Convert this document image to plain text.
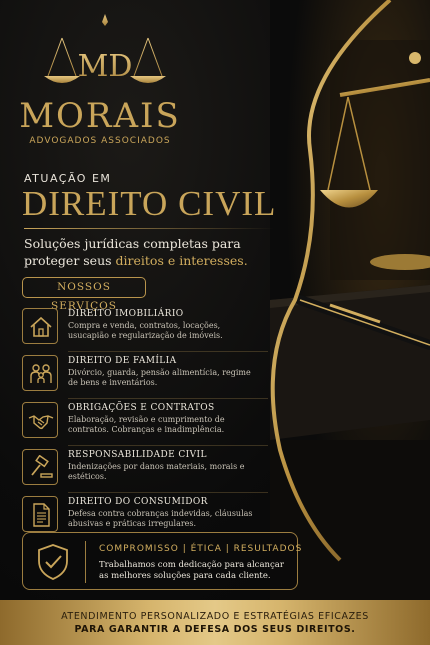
MD
MORAIS
ADVOGADOS ASSOCIADOS
ATUAÇÃO EM
DIREITO CIVIL
Soluções jurídicas completas para proteger seus direitos e interesses.
NOSSOS SERVIÇOS
DIREITO IMOBILIÁRIO
Compra e venda, contratos, locações, usucapião e regularização de imóveis.
DIREITO DE FAMÍLIA
Divórcio, guarda, pensão alimentícia, regime de bens e inventários.
OBRIGAÇÕES E CONTRATOS
Elaboração, revisão e cumprimento de contratos. Cobranças e inadimplência.
RESPONSABILIDADE CIVIL
Indenizações por danos materiais, morais e estéticos.
DIREITO DO CONSUMIDOR
Defesa contra cobranças indevidas, cláusulas abusivas e práticas irregulares.
COMPROMISSO | ÉTICA | RESULTADOS
Trabalhamos com dedicação para alcançar as melhores soluções para cada cliente.
ATENDIMENTO PERSONALIZADO E ESTRATÉGIAS EFICAZES
PARA GARANTIR A DEFESA DOS SEUS DIREITOS.
